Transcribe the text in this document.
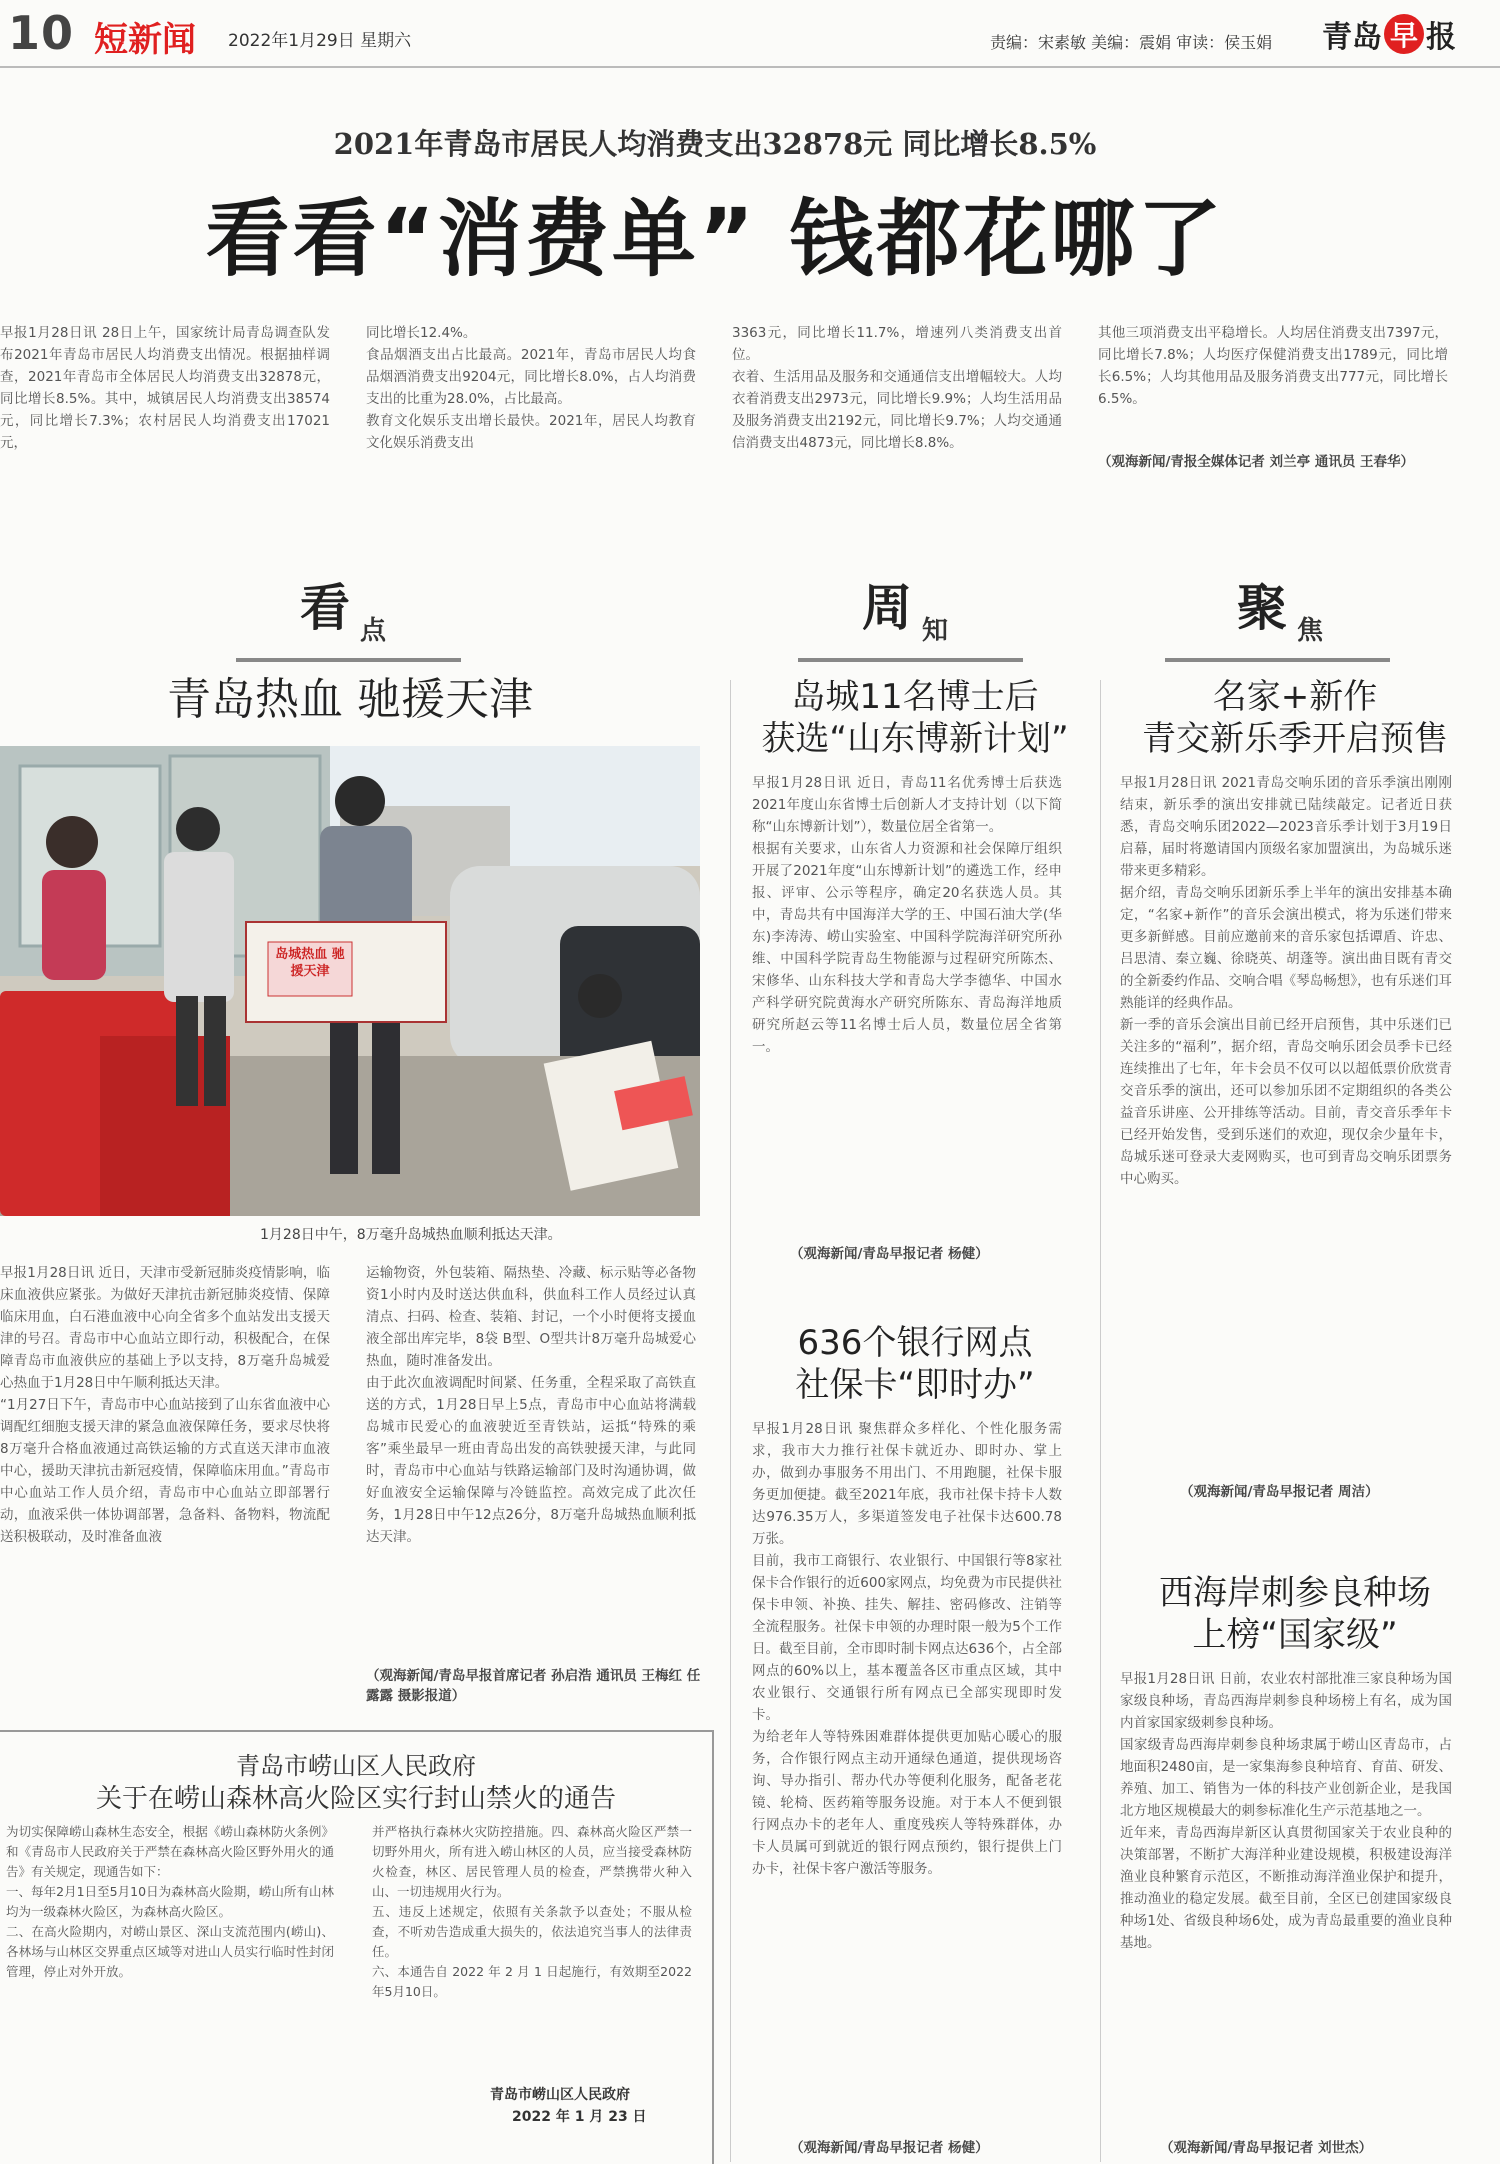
10 短新闻 2022年1月29日 星期六	责编：宋素敏 美编：震娟 审读：侯玉娟 青岛 早 报
2021年青岛市居民人均消费支出32878元 同比增长8.5%
看看“消费单” 钱都花哪了
早报1月28日讯 28日上午，国家统计局青岛调查队发布2021年青岛市居民人均消费支出情况。根据抽样调查，2021年青岛市全体居民人均消费支出32878元，同比增长8.5%。其中，城镇居民人均消费支出38574元，同比增长7.3%；农村居民人均消费支出17021元，
同比增长12.4%。
食品烟酒支出占比最高。2021年，青岛市居民人均食品烟酒消费支出9204元，同比增长8.0%，占人均消费支出的比重为28.0%，占比最高。
教育文化娱乐支出增长最快。2021年，居民人均教育文化娱乐消费支出
3363元，同比增长11.7%，增速列八类消费支出首位。
衣着、生活用品及服务和交通通信支出增幅较大。人均衣着消费支出2973元，同比增长9.9%；人均生活用品及服务消费支出2192元，同比增长9.7%；人均交通通信消费支出4873元，同比增长8.8%。
其他三项消费支出平稳增长。人均居住消费支出7397元，同比增长7.8%；人均医疗保健消费支出1789元，同比增长6.5%；人均其他用品及服务消费支出777元，同比增长6.5%。
（观海新闻/青报全媒体记者 刘兰亭 通讯员 王春华）
看 点	周 知	聚 焦
青岛热血 驰援天津
岛城热血 驰援天津
1月28日中午，8万毫升岛城热血顺利抵达天津。
早报1月28日讯 近日，天津市受新冠肺炎疫情影响，临床血液供应紧张。为做好天津抗击新冠肺炎疫情、保障临床用血，白石港血液中心向全省多个血站发出支援天津的号召。青岛市中心血站立即行动，积极配合，在保障青岛市血液供应的基础上予以支持，8万毫升岛城爱心热血于1月28日中午顺利抵达天津。
“1月27日下午，青岛市中心血站接到了山东省血液中心调配红细胞支援天津的紧急血液保障任务，要求尽快将8万毫升合格血液通过高铁运输的方式直送天津市血液中心，援助天津抗击新冠疫情，保障临床用血。”青岛市中心血站工作人员介绍，青岛市中心血站立即部署行动，血液采供一体协调部署，急备料、备物料，物流配送积极联动，及时准备血液
运输物资，外包装箱、隔热垫、冷藏、标示贴等必备物资1小时内及时送达供血科，供血科工作人员经过认真清点、扫码、检查、装箱、封记，一个小时便将支援血液全部出库完毕，8袋 B型、O型共计8万毫升岛城爱心热血，随时准备发出。
由于此次血液调配时间紧、任务重，全程采取了高铁直送的方式，1月28日早上5点，青岛市中心血站将满载岛城市民爱心的血液驶近至青铁站，运抵“特殊的乘客”乘坐最早一班由青岛出发的高铁驶援天津，与此同时，青岛市中心血站与铁路运输部门及时沟通协调，做好血液安全运输保障与冷链监控。高效完成了此次任务，1月28日中午12点26分，8万毫升岛城热血顺利抵达天津。
（观海新闻/青岛早报首席记者 孙启浩 通讯员 王梅红 任露露 摄影报道）
青岛市崂山区人民政府
关于在崂山森林高火险区实行封山禁火的通告
为切实保障崂山森林生态安全，根据《崂山森林防火条例》和《青岛市人民政府关于严禁在森林高火险区野外用火的通告》有关规定，现通告如下：
一、每年2月1日至5月10日为森林高火险期，崂山所有山林均为一级森林火险区，为森林高火险区。
二、在高火险期内，对崂山景区、深山支流范围内(崂山)、各林场与山林区交界重点区域等对进山人员实行临时性封闭管理，停止对外开放。
并严格执行森林火灾防控措施。四、森林高火险区严禁一切野外用火，所有进入崂山林区的人员，应当接受森林防火检查，林区、居民管理人员的检查，严禁携带火种入山、一切违规用火行为。
五、违反上述规定，依照有关条款予以查处；不服从检查，不听劝告造成重大损失的，依法追究当事人的法律责任。
六、本通告自 2022 年 2 月 1 日起施行，有效期至2022年5月10日。
青岛市崂山区人民政府
2022 年 1 月 23 日
岛城11名博士后
获选“山东博新计划”
早报1月28日讯 近日，青岛11名优秀博士后获选2021年度山东省博士后创新人才支持计划（以下简称“山东博新计划”），数量位居全省第一。
根据有关要求，山东省人力资源和社会保障厅组织开展了2021年度“山东博新计划”的遴选工作，经申报、评审、公示等程序，确定20名获选人员。其中，青岛共有中国海洋大学的王、中国石油大学(华东)李涛涛、崂山实验室、中国科学院海洋研究所孙维、中国科学院青岛生物能源与过程研究所陈杰、宋修华、山东科技大学和青岛大学李德华、中国水产科学研究院黄海水产研究所陈东、青岛海洋地质研究所赵云等11名博士后人员，数量位居全省第一。
（观海新闻/青岛早报记者 杨健）
636个银行网点
社保卡“即时办”
早报1月28日讯 聚焦群众多样化、个性化服务需求，我市大力推行社保卡就近办、即时办、掌上办，做到办事服务不用出门、不用跑腿，社保卡服务更加便捷。截至2021年底，我市社保卡持卡人数达976.35万人，多渠道签发电子社保卡达600.78万张。
目前，我市工商银行、农业银行、中国银行等8家社保卡合作银行的近600家网点，均免费为市民提供社保卡申领、补换、挂失、解挂、密码修改、注销等全流程服务。社保卡申领的办理时限一般为5个工作日。截至目前，全市即时制卡网点达636个，占全部网点的60%以上，基本覆盖各区市重点区域，其中农业银行、交通银行所有网点已全部实现即时发卡。
为给老年人等特殊困难群体提供更加贴心暖心的服务，合作银行网点主动开通绿色通道，提供现场咨询、导办指引、帮办代办等便利化服务，配备老花镜、轮椅、医药箱等服务设施。对于本人不便到银行网点办卡的老年人、重度残疾人等特殊群体，办卡人员属可到就近的银行网点预约，银行提供上门办卡，社保卡客户激活等服务。
（观海新闻/青岛早报记者 杨健）
名家+新作
青交新乐季开启预售
早报1月28日讯 2021青岛交响乐团的音乐季演出刚刚结束，新乐季的演出安排就已陆续敲定。记者近日获悉，青岛交响乐团2022—2023音乐季计划于3月19日启幕，届时将邀请国内顶级名家加盟演出，为岛城乐迷带来更多精彩。
据介绍，青岛交响乐团新乐季上半年的演出安排基本确定，“名家+新作”的音乐会演出模式，将为乐迷们带来更多新鲜感。目前应邀前来的音乐家包括谭盾、许忠、吕思清、秦立巍、徐晓英、胡蓬等。演出曲目既有青交的全新委约作品、交响合唱《琴岛畅想》，也有乐迷们耳熟能详的经典作品。
新一季的音乐会演出目前已经开启预售，其中乐迷们已关注多的“福利”，据介绍，青岛交响乐团会员季卡已经连续推出了七年，年卡会员不仅可以以超低票价欣赏青交音乐季的演出，还可以参加乐团不定期组织的各类公益音乐讲座、公开排练等活动。目前，青交音乐季年卡已经开始发售，受到乐迷们的欢迎，现仅余少量年卡，岛城乐迷可登录大麦网购买，也可到青岛交响乐团票务中心购买。
（观海新闻/青岛早报记者 周洁）
西海岸刺参良种场
上榜“国家级”
早报1月28日讯 日前，农业农村部批准三家良种场为国家级良种场，青岛西海岸刺参良种场榜上有名，成为国内首家国家级刺参良种场。
国家级青岛西海岸刺参良种场隶属于崂山区青岛市，占地面积2480亩，是一家集海参良种培育、育苗、研发、养殖、加工、销售为一体的科技产业创新企业，是我国北方地区规模最大的刺参标准化生产示范基地之一。
近年来，青岛西海岸新区认真贯彻国家关于农业良种的决策部署，不断扩大海洋种业建设规模，积极建设海洋渔业良种繁育示范区，不断推动海洋渔业保护和提升，推动渔业的稳定发展。截至目前，全区已创建国家级良种场1处、省级良种场6处，成为青岛最重要的渔业良种基地。
（观海新闻/青岛早报记者 刘世杰）
